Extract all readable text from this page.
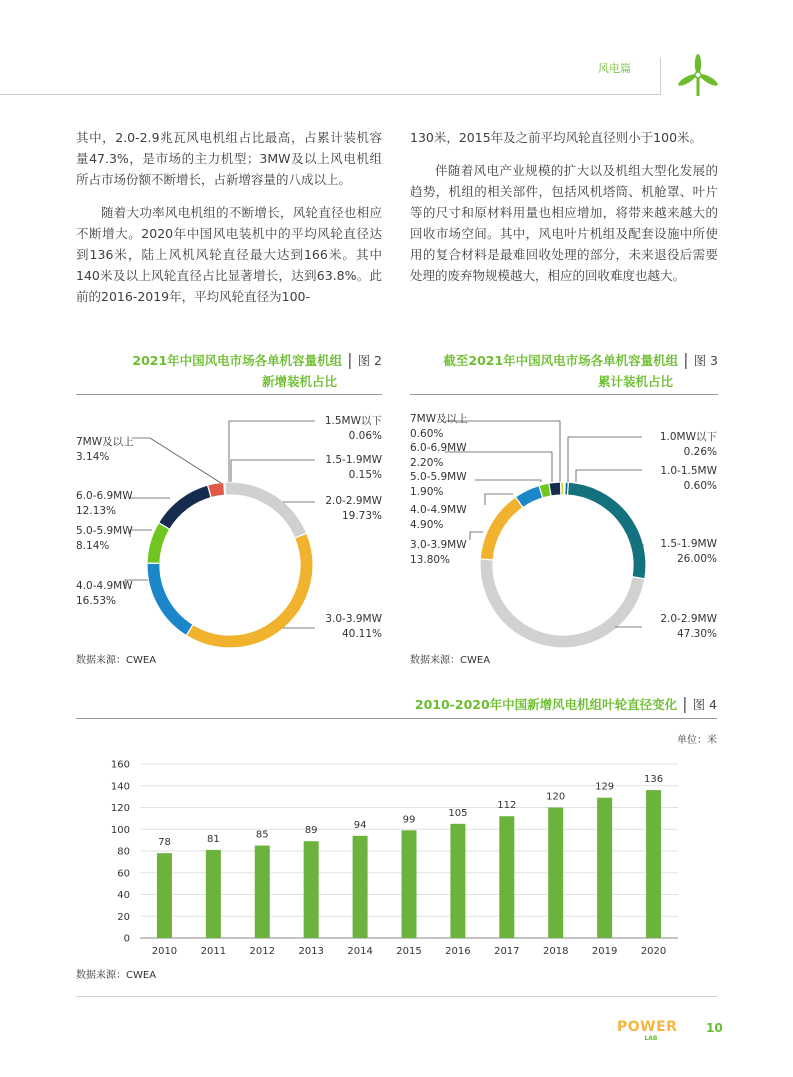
风电篇

其中，2.0-2.9兆瓦风电机组占比最高，占累计装机容量47.3%，是市场的主力机型；3MW及以上风电机组所占市场份额不断增长，占新增容量的八成以上。

随着大功率风电机组的不断增长，风轮直径也相应不断增大。2020年中国风电装机中的平均风轮直径达到136米，陆上风机风轮直径最大达到166米。其中140米及以上风轮直径占比显著增长，达到63.8%。此前的2016-2019年，平均风轮直径为100-

130米，2015年及之前平均风轮直径则小于100米。

伴随着风电产业规模的扩大以及机组大型化发展的趋势，机组的相关部件，包括风机塔筒、机舱罩、叶片等的尺寸和原材料用量也相应增加，将带来越来越大的回收市场空间。其中，风电叶片机组及配套设施中所使用的复合材料是最难回收处理的部分，未来退役后需要处理的废弃物规模越大，相应的回收难度也越大。

2021年中国风电市场各单机容量机组 | 图 2
新增装机占比
截至2021年中国风电市场各单机容量机组 | 图 3
累计装机占比
1.5MW以下
0.06%
1.5-1.9MW
0.15%
2.0-2.9MW
19.73%
3.0-3.9MW
40.11%
4.0-4.9MW
16.53%
5.0-5.9MW
8.14%
6.0-6.9MW
12.13%
7MW及以上
3.14%
数据来源：CWEA
1.0MW以下
0.26%
1.0-1.5MW
0.60%
1.5-1.9MW
26.00%
2.0-2.9MW
47.30%
3.0-3.9MW
13.80%
4.0-4.9MW
4.90%
5.0-5.9MW
1.90%
6.0-6.9MW
2.20%
7MW及以上
0.60%
数据来源：CWEA
2010-2020年中国新增风电机组叶轮直径变化 | 图 4
单位：米
0
20
40
60
80
100
120
140
160
78
2010
81
2011
85
2012
89
2013
94
2014
99
2015
105
2016
112
2017
120
2018
129
2019
136
2020
数据来源：CWEA
POWER
LAB
10
